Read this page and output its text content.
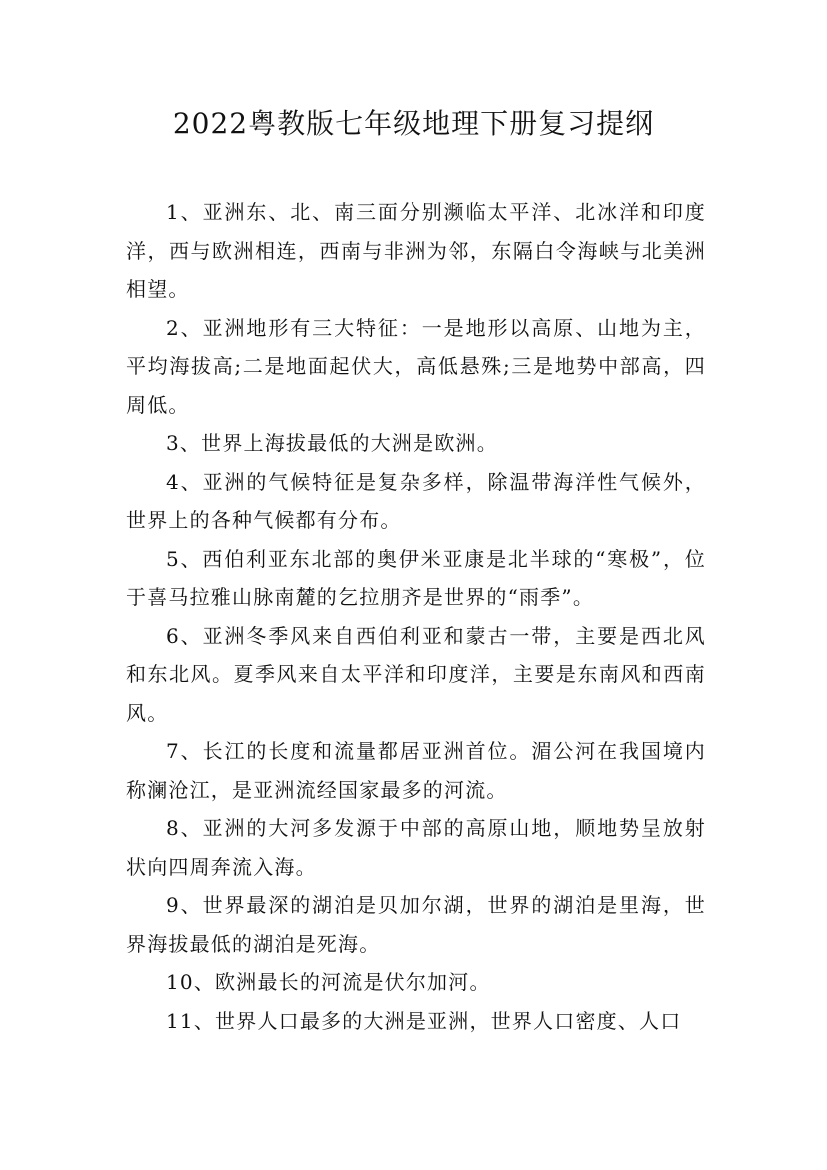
2022粤教版七年级地理下册复习提纲

1、亚洲东、北、南三面分别濒临太平洋、北冰洋和印度洋，西与欧洲相连，西南与非洲为邻，东隔白令海峡与北美洲相望。

2、亚洲地形有三大特征：一是地形以高原、山地为主，平均海拔高;二是地面起伏大，高低悬殊;三是地势中部高，四周低。

3、世界上海拔最低的大洲是欧洲。

4、亚洲的气候特征是复杂多样，除温带海洋性气候外，世界上的各种气候都有分布。

5、西伯利亚东北部的奥伊米亚康是北半球的“寒极”，位于喜马拉雅山脉南麓的乞拉朋齐是世界的“雨季”。

6、亚洲冬季风来自西伯利亚和蒙古一带，主要是西北风和东北风。夏季风来自太平洋和印度洋，主要是东南风和西南风。

7、长江的长度和流量都居亚洲首位。湄公河在我国境内称澜沧江，是亚洲流经国家最多的河流。

8、亚洲的大河多发源于中部的高原山地，顺地势呈放射状向四周奔流入海。

9、世界最深的湖泊是贝加尔湖，世界的湖泊是里海，世界海拔最低的湖泊是死海。

10、欧洲最长的河流是伏尔加河。

11、世界人口最多的大洲是亚洲，世界人口密度、人口
